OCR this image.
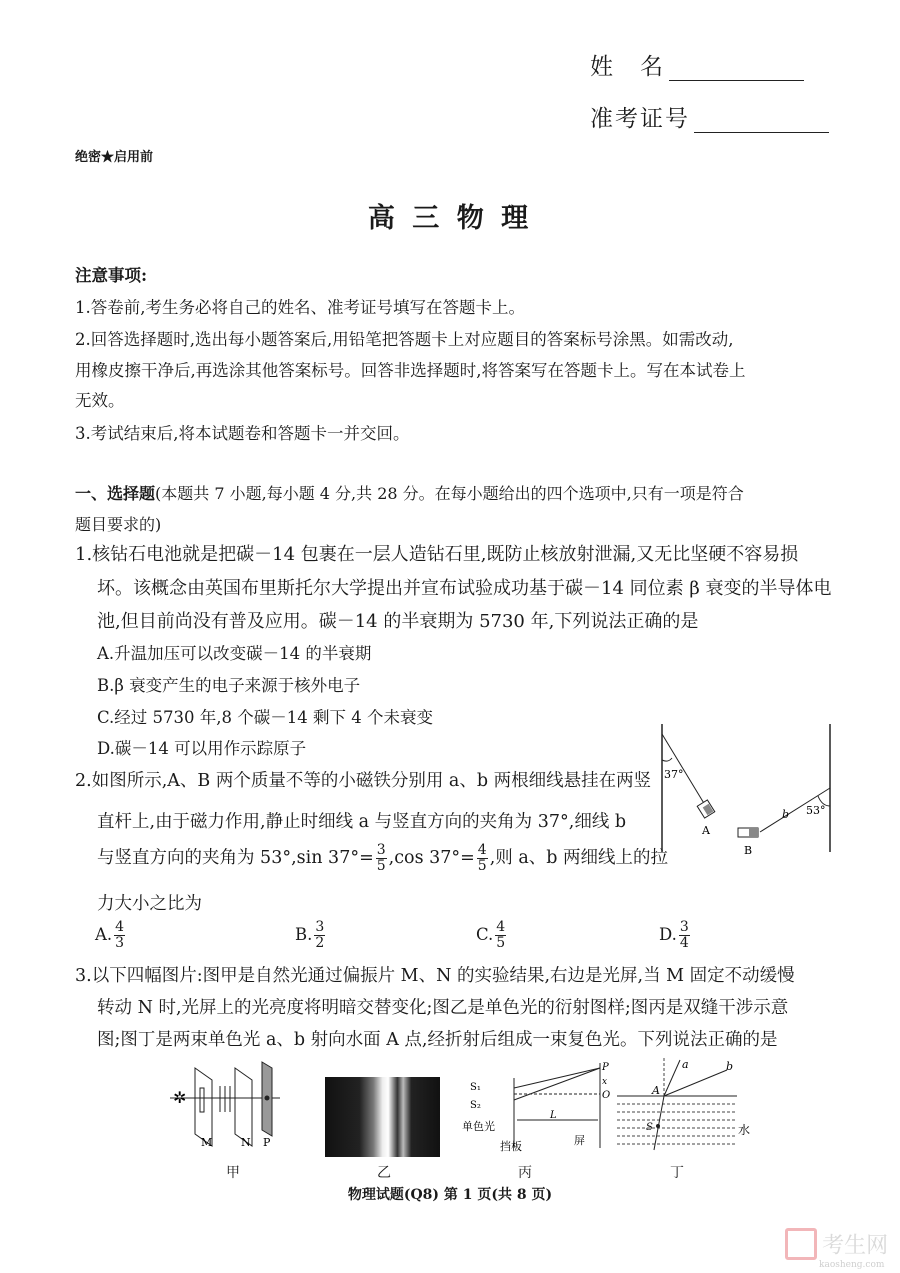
姓　名
准考证号
绝密★启用前
高 三 物 理
注意事项:
1.答卷前,考生务必将自己的姓名、准考证号填写在答题卡上。
2.回答选择题时,选出每小题答案后,用铅笔把答题卡上对应题目的答案标号涂黑。如需改动,
用橡皮擦干净后,再选涂其他答案标号。回答非选择题时,将答案写在答题卡上。写在本试卷上
无效。
3.考试结束后,将本试题卷和答题卡一并交回。
一、选择题(本题共 7 小题,每小题 4 分,共 28 分。在每小题给出的四个选项中,只有一项是符合
题目要求的)
1.核钻石电池就是把碳－14 包裹在一层人造钻石里,既防止核放射泄漏,又无比坚硬不容易损
坏。该概念由英国布里斯托尔大学提出并宣布试验成功基于碳－14 同位素 β 衰变的半导体电
池,但目前尚没有普及应用。碳－14 的半衰期为 5730 年,下列说法正确的是
A.升温加压可以改变碳－14 的半衰期
B.β 衰变产生的电子来源于核外电子
C.经过 5730 年,8 个碳－14 剩下 4 个未衰变
D.碳－14 可以用作示踪原子
2.如图所示,A、B 两个质量不等的小磁铁分别用 a、b 两根细线悬挂在两竖
直杆上,由于磁力作用,静止时细线 a 与竖直方向的夹角为 37°,细线 b
与竖直方向的夹角为 53°,sin $37^\circ= \frac{3}{5} ,\cos$ $37^\circ= \frac{4}{5}$ ,则 a、b 两细线上的拉
力大小之比为
A. $\frac{4}{3}$	B. $\frac{3}{2}$	C. $\frac{4}{5}$	D. $\frac{3}{4}$
37°
53°
A
B
b
3.以下四幅图片:图甲是自然光通过偏振片 M、N 的实验结果,右边是光屏,当 M 固定不动缓慢
转动 N 时,光屏上的光亮度将明暗交替变化;图乙是单色光的衍射图样;图丙是双缝干涉示意
图;图丁是两束单色光 a、b 射向水面 A 点,经折射后组成一束复色光。下列说法正确的是
✲
M	N P
S₁
S₂
P
O
x
L
单色光
挡板	屏
a	b
A
S	水
甲	乙	丙	丁
物理试题(Q8) 第 1 页(共 8 页)
考生网
kaosheng.com
